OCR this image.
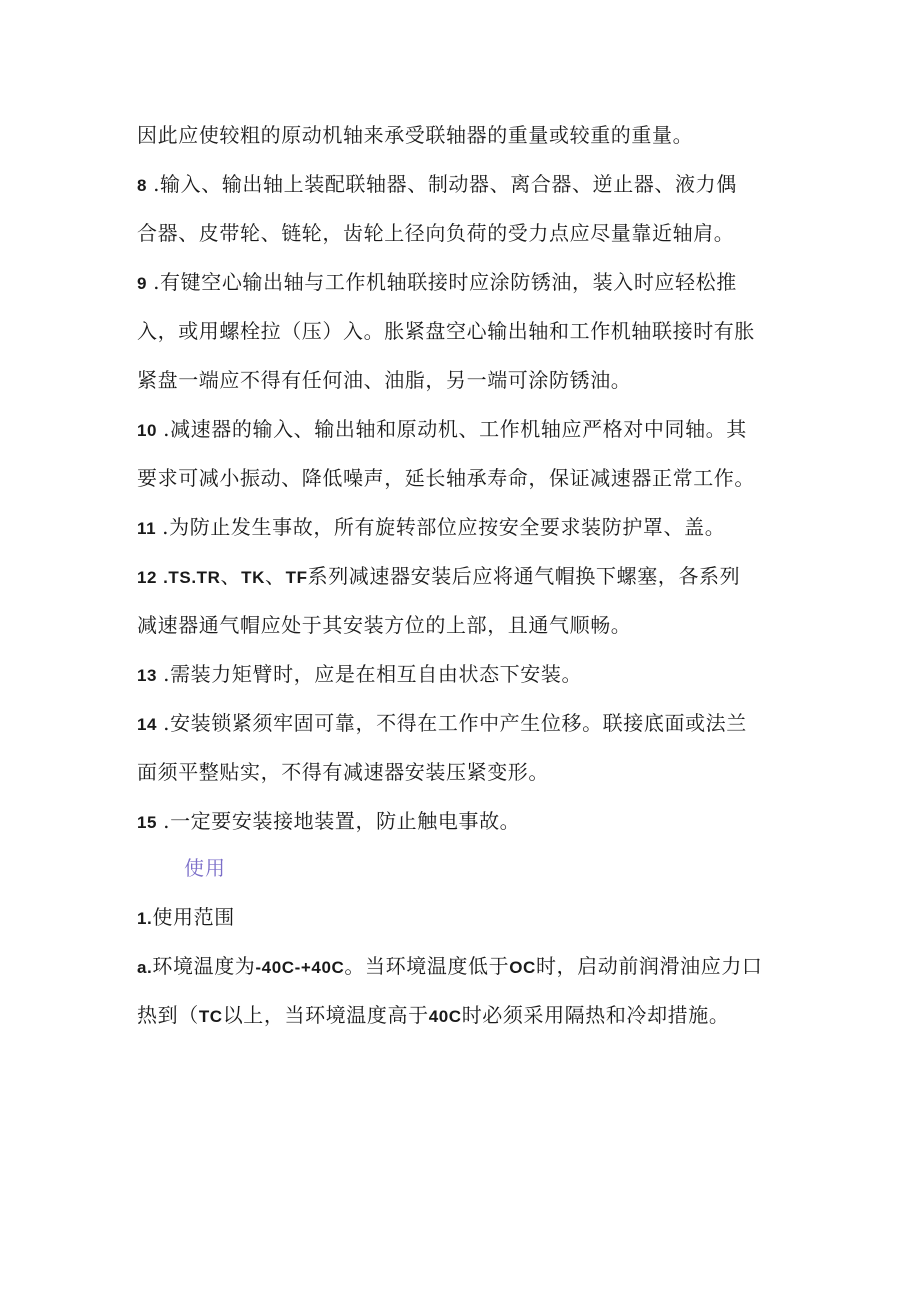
因此应使较粗的原动机轴来承受联轴器的重量或较重的重量。
8 .输入、输出轴上装配联轴器、制动器、离合器、逆止器、液力偶
合器、皮带轮、链轮，齿轮上径向负荷的受力点应尽量靠近轴肩。
9 .有键空心输出轴与工作机轴联接时应涂防锈油，装入时应轻松推
入，或用螺栓拉（压）入。胀紧盘空心输出轴和工作机轴联接时有胀
紧盘一端应不得有任何油、油脂，另一端可涂防锈油。
10 .减速器的输入、输出轴和原动机、工作机轴应严格对中同轴。其
要求可减小振动、降低噪声，延长轴承寿命，保证减速器正常工作。
11 .为防止发生事故，所有旋转部位应按安全要求装防护罩、盖。
12 .TS.TR、TK、TF系列减速器安装后应将通气帽换下螺塞，各系列
减速器通气帽应处于其安装方位的上部，且通气顺畅。
13 .需装力矩臂时，应是在相互自由状态下安装。
14 .安装锁紧须牢固可靠，不得在工作中产生位移。联接底面或法兰
面须平整贴实，不得有减速器安装压紧变形。
15 .一定要安装接地装置，防止触电事故。
使用
1.使用范围
a.环境温度为-40C-+40C。当环境温度低于OC时，启动前润滑油应力口
热到（TC以上，当环境温度高于40C时必须采用隔热和冷却措施。
